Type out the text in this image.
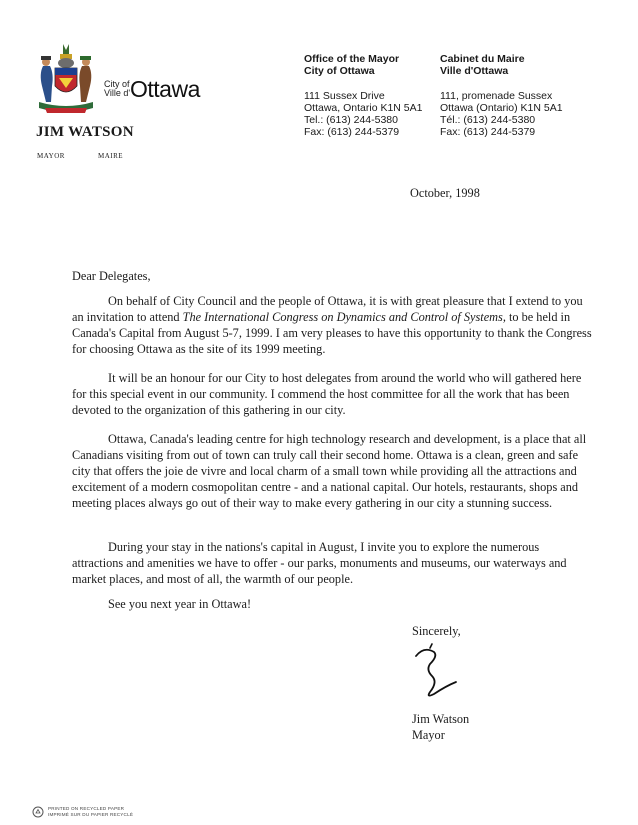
City of
Ville d' Ottawa
JIM WATSON
MAYOR	MAIRE
Office of the Mayor
City of Ottawa
111 Sussex Drive
Ottawa, Ontario K1N 5A1
Tel.: (613) 244-5380
Fax: (613) 244-5379
Cabinet du Maire
Ville d'Ottawa
111, promenade Sussex
Ottawa (Ontario) K1N 5A1
Tél.: (613) 244-5380
Fax: (613) 244-5379
October, 1998
Dear Delegates,

On behalf of City Council and the people of Ottawa, it is with great pleasure that I extend to you an invitation to attend The International Congress on Dynamics and Control of Systems, to be held in Canada's Capital from August 5-7, 1999. I am very pleases to have this opportunity to thank the Congress for choosing Ottawa as the site of its 1999 meeting.

It will be an honour for our City to host delegates from around the world who will gathered here for this special event in our community. I commend the host committee for all the work that has been devoted to the organization of this gathering in our city.

Ottawa, Canada's leading centre for high technology research and development, is a place that all Canadians visiting from out of town can truly call their second home. Ottawa is a clean, green and safe city that offers the joie de vivre and local charm of a small town while providing all the attractions and excitement of a modern cosmopolitan centre - and a national capital. Our hotels, restaurants, shops and meeting places always go out of their way to make every gathering in our city a stunning success.

During your stay in the nations's capital in August, I invite you to explore the numerous attractions and amenities we have to offer - our parks, monuments and museums, our waterways and market places, and most of all, the warmth of our people.

See you next year in Ottawa!

Sincerely,
Jim Watson
Mayor
PRINTED ON RECYCLED PAPER
IMPRIMÉ SUR DU PAPIER RECYCLÉ
